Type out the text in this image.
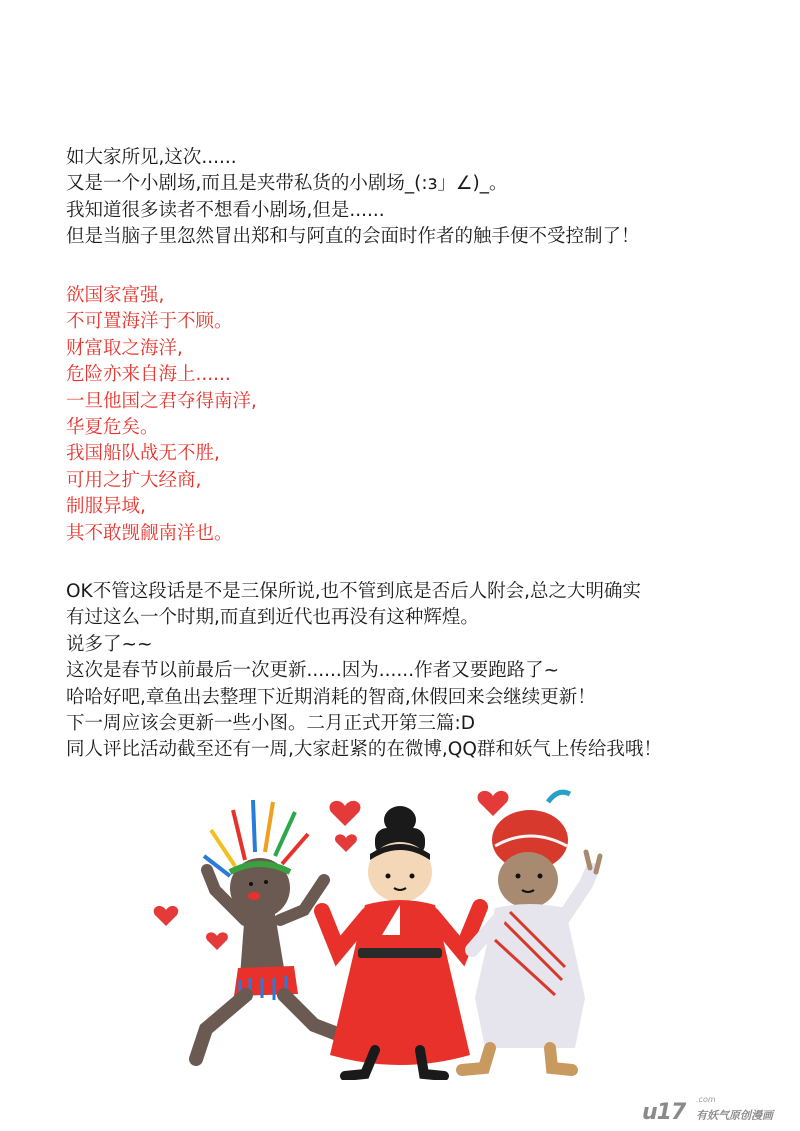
如大家所见,这次......
又是一个小剧场,而且是夹带私货的小剧场_(:з」∠)_。
我知道很多读者不想看小剧场,但是......
但是当脑子里忽然冒出郑和与阿直的会面时作者的触手便不受控制了！
欲国家富强,
不可置海洋于不顾。
财富取之海洋,
危险亦来自海上......
一旦他国之君夺得南洋,
华夏危矣。
我国船队战无不胜,
可用之扩大经商,
制服异域,
其不敢觊觎南洋也。
OK不管这段话是不是三保所说,也不管到底是否后人附会,总之大明确实
有过这么一个时期,而直到近代也再没有这种辉煌。
说多了~~
这次是春节以前最后一次更新......因为......作者又要跑路了~
哈哈好吧,章鱼出去整理下近期消耗的智商,休假回来会继续更新！
下一周应该会更新一些小图。二月正式开第三篇:D
同人评比活动截至还有一周,大家赶紧的在微博,QQ群和妖气上传给我哦！
u17
.com
有妖气原创漫画
